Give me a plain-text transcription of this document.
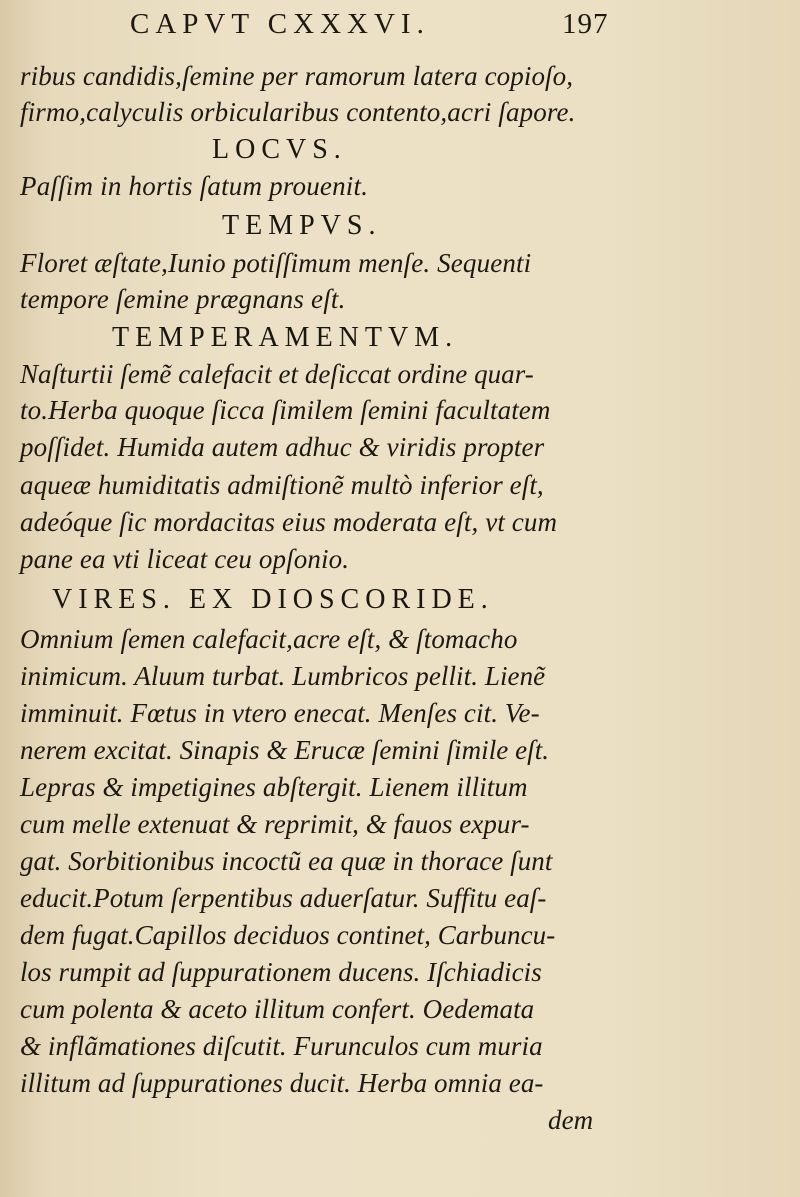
CAPVT CXXXVI.	197
ribus candidis,ſemine per ramorum latera copioſo,
firmo,calyculis orbicularibus contento,acri ſapore.
LOCVS.
Paſſim in hortis ſatum prouenit.
TEMPVS.
Floret æſtate,Iunio potiſſimum menſe. Sequenti
tempore ſemine prægnans eſt.
TEMPERAMENTVM.
Naſturtii ſemẽ calefacit et deſiccat ordine quar-
to.Herba quoque ſicca ſimilem ſemini facultatem
poſſidet. Humida autem adhuc & viridis propter
aqueæ humiditatis admiſtionẽ multò inferior eſt,
adeóque ſic mordacitas eius moderata eſt, vt cum
pane ea vti liceat ceu opſonio.
VIRES. EX DIOSCORIDE.
Omnium ſemen calefacit,acre eſt, & ſtomacho
inimicum. Aluum turbat. Lumbricos pellit. Lienẽ
imminuit. Fœtus in vtero enecat. Menſes cit. Ve-
nerem excitat. Sinapis & Erucæ ſemini ſimile eſt.
Lepras & impetigines abſtergit. Lienem illitum
cum melle extenuat & reprimit, & fauos expur-
gat. Sorbitionibus incoctũ ea quæ in thorace ſunt
educit.Potum ſerpentibus aduerſatur. Suffitu eaſ-
dem fugat.Capillos deciduos continet, Carbuncu-
los rumpit ad ſuppurationem ducens. Iſchiadicis
cum polenta & aceto illitum confert. Oedemata
& inflãmationes diſcutit. Furunculos cum muria
illitum ad ſuppurationes ducit. Herba omnia ea-
dem
